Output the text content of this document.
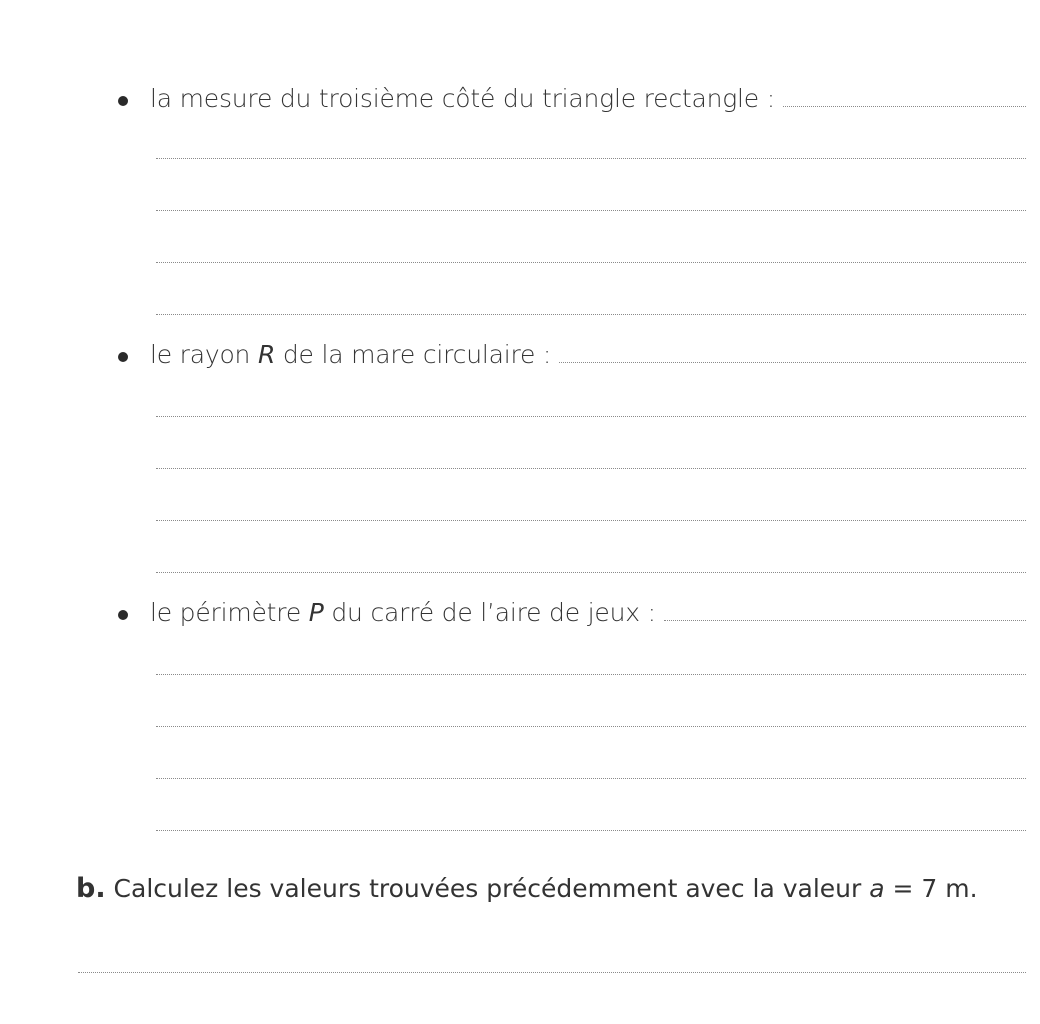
la mesure du troisième côté du triangle rectangle :
le rayon R de la mare circulaire :
le périmètre P du carré de l’aire de jeux :
b. Calculez les valeurs trouvées précédemment avec la valeur a = 7 m.
